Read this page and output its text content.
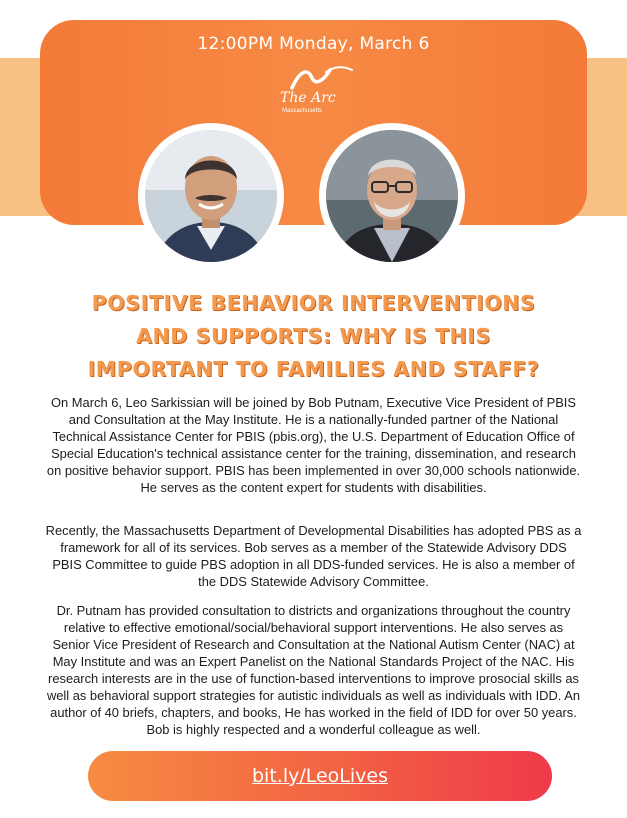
12:00PM Monday, March 6
The Arc
Massachusetts
POSITIVE BEHAVIOR INTERVENTIONS
AND SUPPORTS: WHY IS THIS
IMPORTANT TO FAMILIES AND STAFF?

On March 6, Leo Sarkissian will be joined by Bob Putnam, Executive Vice President of PBIS and Consultation at the May Institute. He is a nationally-funded partner of the National Technical Assistance Center for PBIS (pbis.org), the U.S. Department of Education Office of Special Education's technical assistance center for the training, dissemination, and research on positive behavior support. PBIS has been implemented in over 30,000 schools nationwide. He serves as the content expert for students with disabilities.

Recently, the Massachusetts Department of Developmental Disabilities has adopted PBS as a framework for all of its services. Bob serves as a member of the Statewide Advisory DDS PBIS Committee to guide PBS adoption in all DDS-funded services. He is also a member of the DDS Statewide Advisory Committee.

Dr. Putnam has provided consultation to districts and organizations throughout the country relative to effective emotional/social/behavioral support interventions. He also serves as Senior Vice President of Research and Consultation at the National Autism Center (NAC) at May Institute and was an Expert Panelist on the National Standards Project of the NAC. His research interests are in the use of function-based interventions to improve prosocial skills as well as behavioral support strategies for autistic individuals as well as individuals with IDD. An author of 40 briefs, chapters, and books, He has worked in the field of IDD for over 50 years. Bob is highly respected and a wonderful colleague as well.

bit.ly/LeoLives
